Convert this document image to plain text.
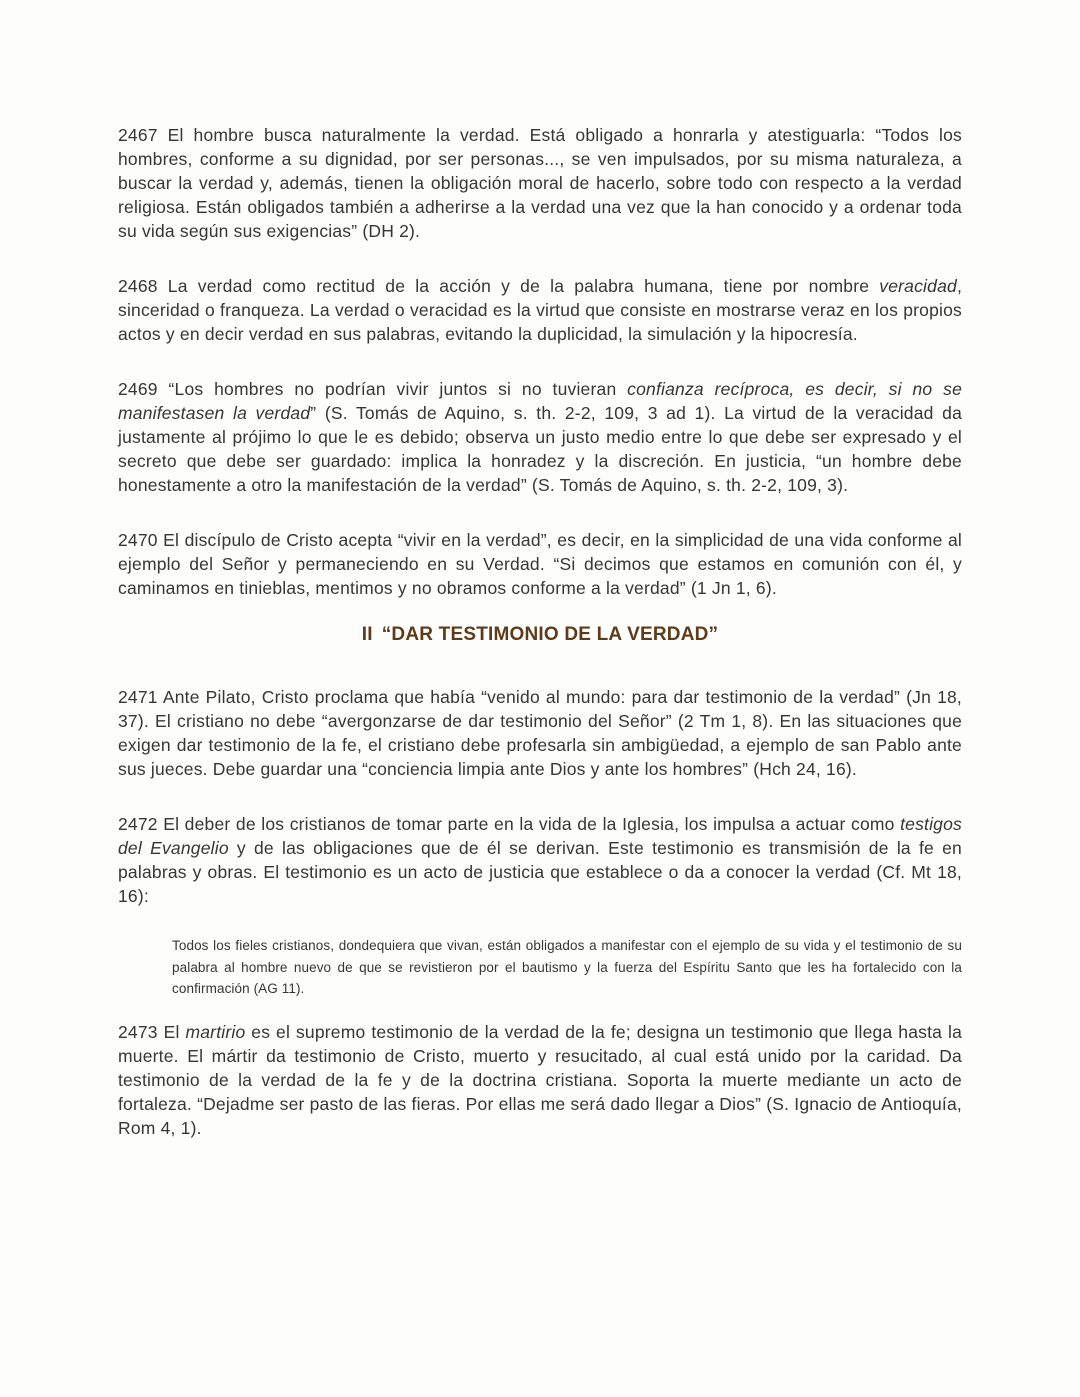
2467 El hombre busca naturalmente la verdad. Está obligado a honrarla y atestiguarla: “Todos los hombres, conforme a su dignidad, por ser personas..., se ven impulsados, por su misma naturaleza, a buscar la verdad y, además, tienen la obligación moral de hacerlo, sobre todo con respecto a la verdad religiosa. Están obligados también a adherirse a la verdad una vez que la han conocido y a ordenar toda su vida según sus exigencias” (DH 2).

2468 La verdad como rectitud de la acción y de la palabra humana, tiene por nombre veracidad, sinceridad o franqueza. La verdad o veracidad es la virtud que consiste en mostrarse veraz en los propios actos y en decir verdad en sus palabras, evitando la duplicidad, la simulación y la hipocresía.

2469 “Los hombres no podrían vivir juntos si no tuvieran confianza recíproca, es decir, si no se manifestasen la verdad” (S. Tomás de Aquino, s. th. 2-2, 109, 3 ad 1). La virtud de la veracidad da justamente al prójimo lo que le es debido; observa un justo medio entre lo que debe ser expresado y el secreto que debe ser guardado: implica la honradez y la discreción. En justicia, “un hombre debe honestamente a otro la manifestación de la verdad” (S. Tomás de Aquino, s. th. 2-2, 109, 3).

2470 El discípulo de Cristo acepta “vivir en la verdad”, es decir, en la simplicidad de una vida conforme al ejemplo del Señor y permaneciendo en su Verdad. “Si decimos que estamos en comunión con él, y caminamos en tinieblas, mentimos y no obramos conforme a la verdad” (1 Jn 1, 6).

II “DAR TESTIMONIO DE LA VERDAD”

2471 Ante Pilato, Cristo proclama que había “venido al mundo: para dar testimonio de la verdad” (Jn 18, 37). El cristiano no debe “avergonzarse de dar testimonio del Señor” (2 Tm 1, 8). En las situaciones que exigen dar testimonio de la fe, el cristiano debe profesarla sin ambigüedad, a ejemplo de san Pablo ante sus jueces. Debe guardar una “conciencia limpia ante Dios y ante los hombres” (Hch 24, 16).

2472 El deber de los cristianos de tomar parte en la vida de la Iglesia, los impulsa a actuar como testigos del Evangelio y de las obligaciones que de él se derivan. Este testimonio es transmisión de la fe en palabras y obras. El testimonio es un acto de justicia que establece o da a conocer la verdad (Cf. Mt 18, 16):

Todos los fieles cristianos, dondequiera que vivan, están obligados a manifestar con el ejemplo de su vida y el testimonio de su palabra al hombre nuevo de que se revistieron por el bautismo y la fuerza del Espíritu Santo que les ha fortalecido con la confirmación (AG 11).

2473 El martirio es el supremo testimonio de la verdad de la fe; designa un testimonio que llega hasta la muerte. El mártir da testimonio de Cristo, muerto y resucitado, al cual está unido por la caridad. Da testimonio de la verdad de la fe y de la doctrina cristiana. Soporta la muerte mediante un acto de fortaleza. “Dejadme ser pasto de las fieras. Por ellas me será dado llegar a Dios” (S. Ignacio de Antioquía, Rom 4, 1).
